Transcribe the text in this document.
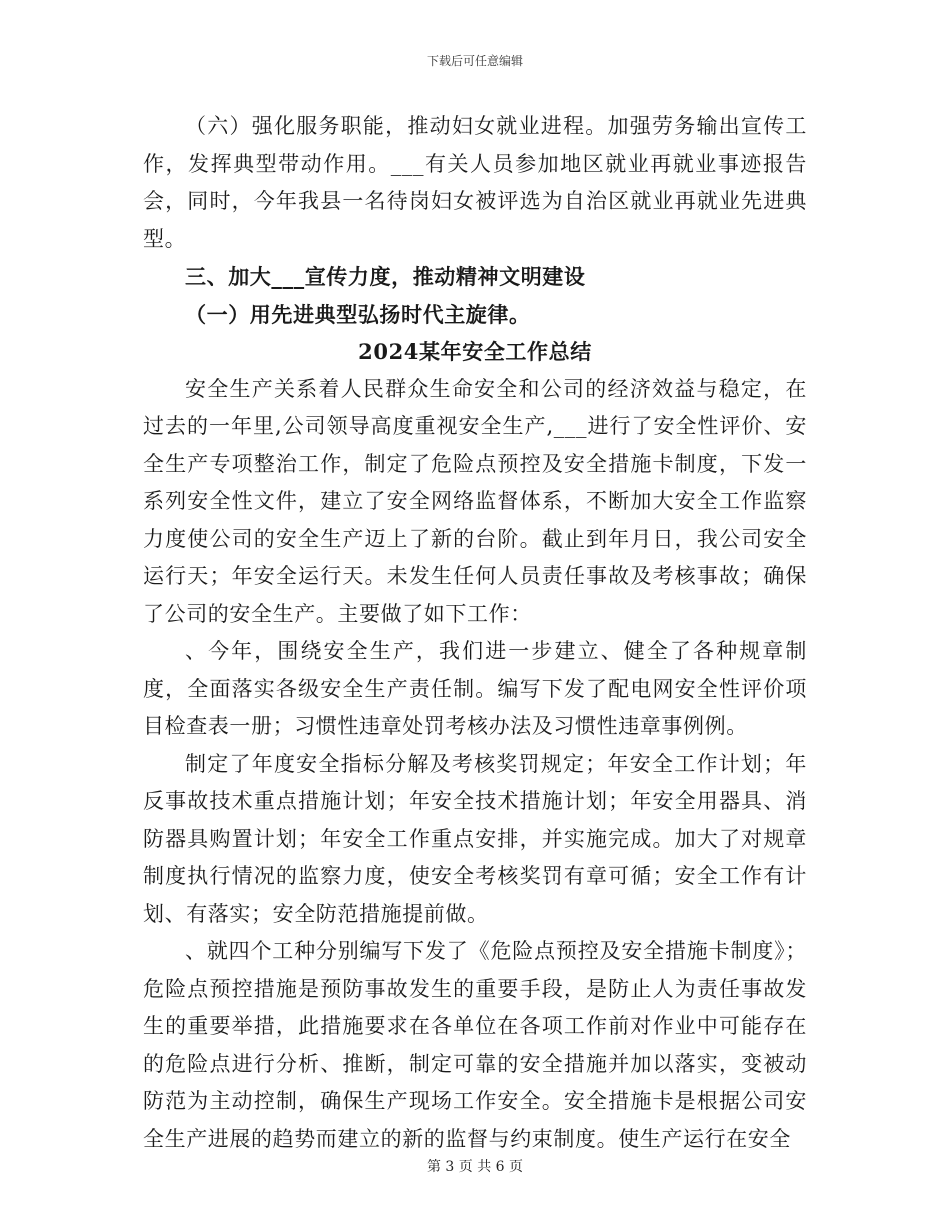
下载后可任意编辑

（六）强化服务职能，推动妇女就业进程。加强劳务输出宣传工作，发挥典型带动作用。___有关人员参加地区就业再就业事迹报告会，同时，今年我县一名待岗妇女被评选为自治区就业再就业先进典型。

三、加大___宣传力度，推动精神文明建设

（一）用先进典型弘扬时代主旋律。

2024某年安全工作总结

安全生产关系着人民群众生命安全和公司的经济效益与稳定，在过去的一年里,公司领导高度重视安全生产,___进行了安全性评价、安全生产专项整治工作，制定了危险点预控及安全措施卡制度，下发一系列安全性文件，建立了安全网络监督体系，不断加大安全工作监察力度使公司的安全生产迈上了新的台阶。截止到年月日，我公司安全运行天；年安全运行天。未发生任何人员责任事故及考核事故；确保了公司的安全生产。主要做了如下工作：

、今年，围绕安全生产，我们进一步建立、健全了各种规章制度，全面落实各级安全生产责任制。编写下发了配电网安全性评价项目检查表一册；习惯性违章处罚考核办法及习惯性违章事例例。

制定了年度安全指标分解及考核奖罚规定；年安全工作计划；年反事故技术重点措施计划；年安全技术措施计划；年安全用器具、消防器具购置计划；年安全工作重点安排，并实施完成。加大了对规章制度执行情况的监察力度，使安全考核奖罚有章可循；安全工作有计划、有落实；安全防范措施提前做。

、就四个工种分别编写下发了《危险点预控及安全措施卡制度》；危险点预控措施是预防事故发生的重要手段，是防止人为责任事故发生的重要举措，此措施要求在各单位在各项工作前对作业中可能存在的危险点进行分析、推断，制定可靠的安全措施并加以落实，变被动防范为主动控制，确保生产现场工作安全。安全措施卡是根据公司安全生产进展的趋势而建立的新的监督与约束制度。使生产运行在安全

第 3 页 共 6 页
